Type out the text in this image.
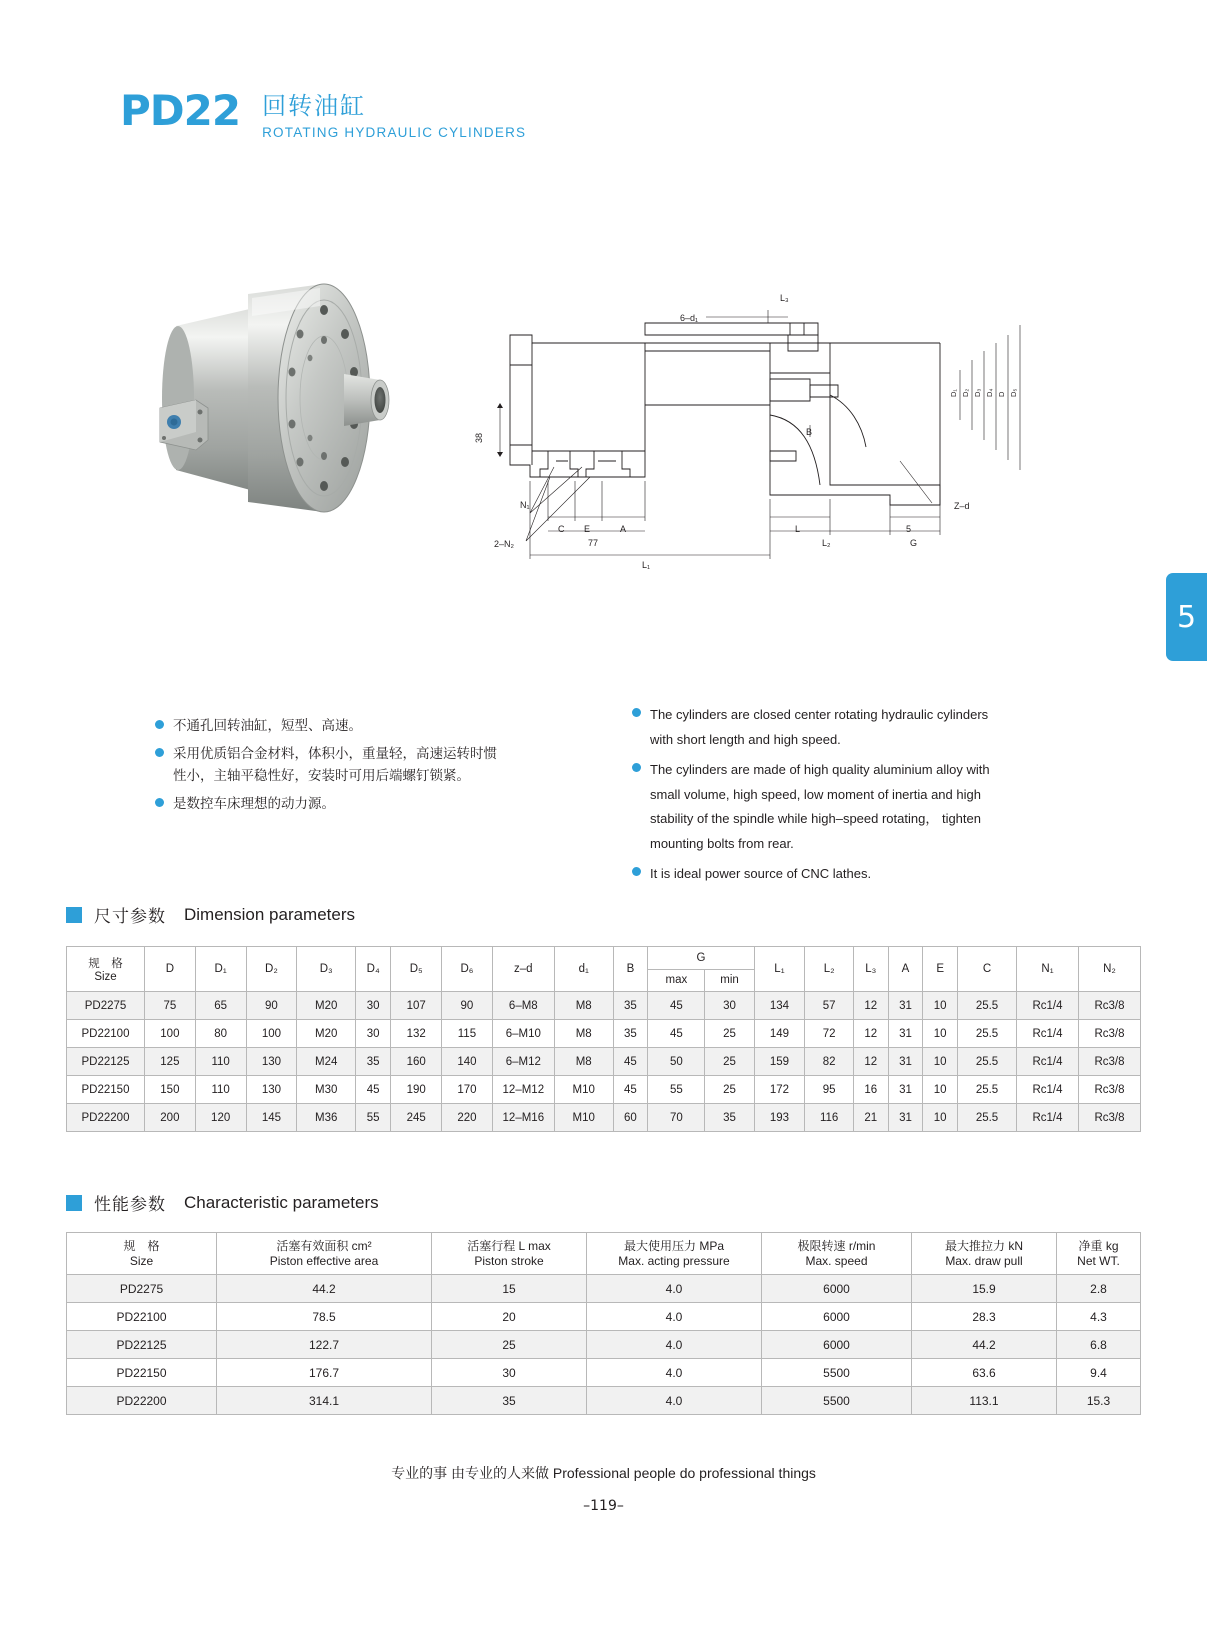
PD22 回转油缸
ROTATING HYDRAULIC CYLINDERS
5
38
N₁
2–N₂
C E	A
77
L₁
L
L₂
5
G
Z–d
6–d₁
L₃
B
D₁ D₂ D₃ D₄ D D₅
不通孔回转油缸，短型、高速。
采用优质铝合金材料，体积小，重量轻，高速运转时惯性小，主轴平稳性好，安装时可用后端螺钉锁紧。
是数控车床理想的动力源。
The cylinders are closed center rotating hydraulic cylinders with short length and high speed.
The cylinders are made of high quality aluminium alloy with small volume, high speed, low moment of inertia and high stability of the spindle while high–speed rotating， tighten mounting bolts from rear.
It is ideal power source of CNC lathes.
尺寸参数 Dimension parameters
规　格
Size	D	D₁	D₂	D₃	D₄	D₅	D₆	z–d	d₁	B	G		L₁	L₂	L₃	A	E	C	N₁	N₂
											max	min								
PD2275	75	65	90	M20	30	107	90	6–M8	M8	35	45	30	134	57	12	31	10	25.5	Rc1/4	Rc3/8
PD22100	100	80	100	M20	30	132	115	6–M10	M8	35	45	25	149	72	12	31	10	25.5	Rc1/4	Rc3/8
PD22125	125	110	130	M24	35	160	140	6–M12	M8	45	50	25	159	82	12	31	10	25.5	Rc1/4	Rc3/8
PD22150	150	110	130	M30	45	190	170	12–M12	M10	45	55	25	172	95	16	31	10	25.5	Rc1/4	Rc3/8
PD22200	200	120	145	M36	55	245	220	12–M16	M10	60	70	35	193	116	21	31	10	25.5	Rc1/4	Rc3/8
性能参数 Characteristic parameters
规　格
Size

活塞有效面积 cm²
Piston effective area

活塞行程 L max
Piston stroke

最大使用压力 MPa
Max. acting pressure

极限转速 r/min
Max. speed

最大推拉力 kN
Max. draw pull

净重 kg
Net WT.

PD2275	44.2	15	4.0	6000	15.9	2.8
PD22100	78.5	20	4.0	6000	28.3	4.3
PD22125	122.7	25	4.0	6000	44.2	6.8
PD22150	176.7	30	4.0	5500	63.6	9.4
PD22200	314.1	35	4.0	5500	113.1	15.3
专业的事 由专业的人来做 Professional people do professional things
–119–
